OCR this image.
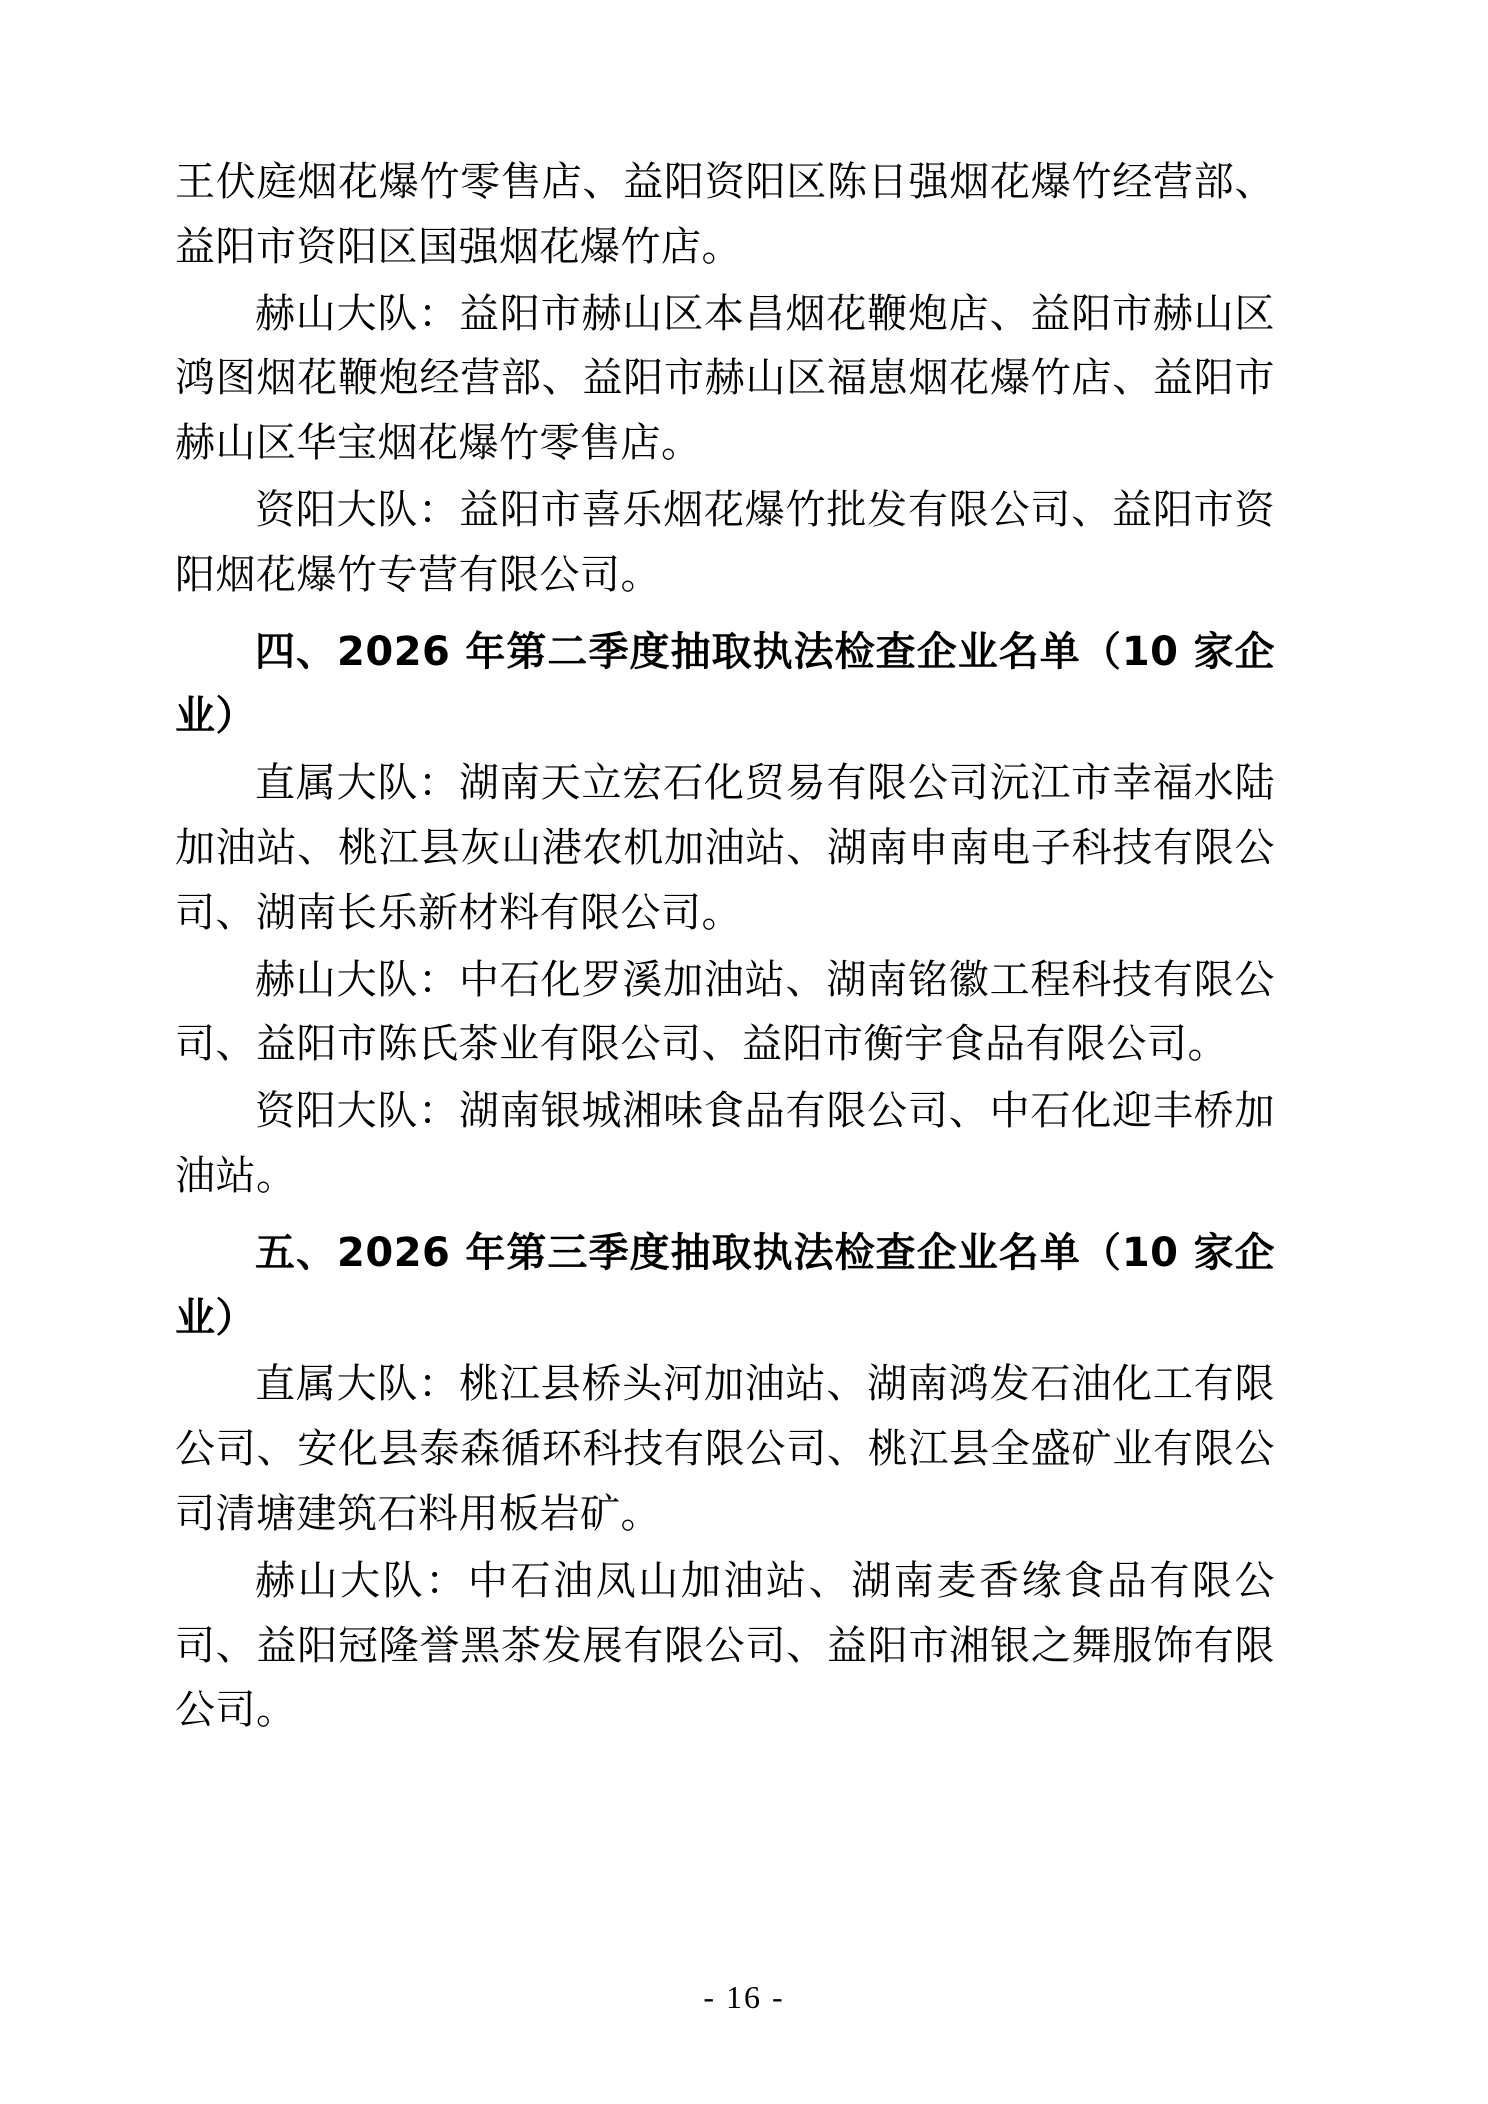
王伏庭烟花爆竹零售店、益阳资阳区陈日强烟花爆竹经营部、益阳市资阳区国强烟花爆竹店。

赫山大队：益阳市赫山区本昌烟花鞭炮店、益阳市赫山区鸿图烟花鞭炮经营部、益阳市赫山区福崽烟花爆竹店、益阳市赫山区华宝烟花爆竹零售店。

资阳大队：益阳市喜乐烟花爆竹批发有限公司、益阳市资阳烟花爆竹专营有限公司。

四、2026 年第二季度抽取执法检查企业名单（10 家企业）

直属大队：湖南天立宏石化贸易有限公司沅江市幸福水陆加油站、桃江县灰山港农机加油站、湖南申南电子科技有限公司、湖南长乐新材料有限公司。

赫山大队：中石化罗溪加油站、湖南铭徽工程科技有限公司、益阳市陈氏茶业有限公司、益阳市衡宇食品有限公司。

资阳大队：湖南银城湘味食品有限公司、中石化迎丰桥加油站。

五、2026 年第三季度抽取执法检查企业名单（10 家企业）

直属大队：桃江县桥头河加油站、湖南鸿发石油化工有限公司、安化县泰森循环科技有限公司、桃江县全盛矿业有限公司清塘建筑石料用板岩矿。

赫山大队：中石油凤山加油站、湖南麦香缘食品有限公司、益阳冠隆誉黑茶发展有限公司、益阳市湘银之舞服饰有限公司。

- 16 -
